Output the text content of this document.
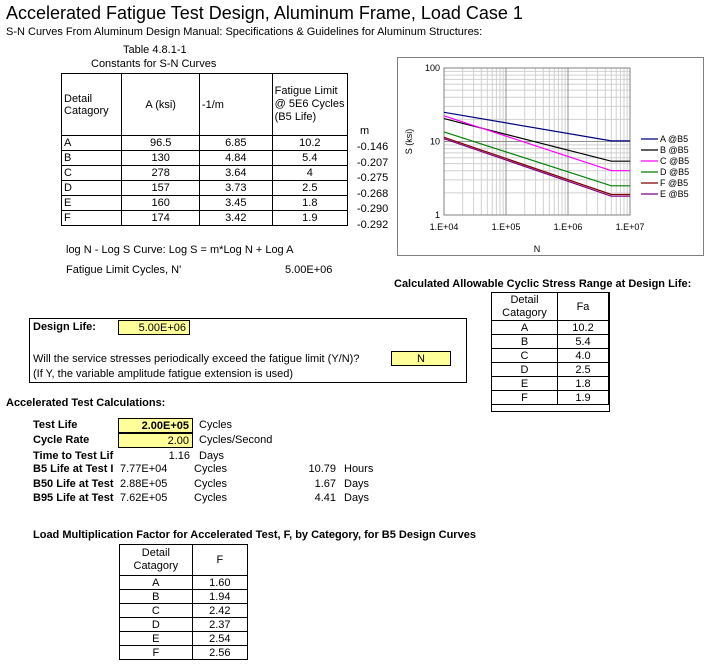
Accelerated Fatigue Test Design, Aluminum Frame, Load Case 1
S-N Curves From Aluminum Design Manual: Specifications & Guidelines for Aluminum Structures:
Table 4.8.1-1
Constants for S-N Curves
Detail Catagory	A (ksi)	-1/m	Fatigue Limit @ 5E6 Cycles (B5 Life)
A	96.5	6.85	10.2
B	130	4.84	5.4
C	278	3.64	4
D	157	3.73	2.5
E	160	3.45	1.8
F	174	3.42	1.9
m
-0.146
-0.207
-0.275
-0.268
-0.290
-0.292
log N - Log S Curve: Log S = m*Log N + Log A
Fatigue Limit Cycles, N'	5.00E+06
1.E+04	1.E+05	1.E+06	1.E+07
1
10
100
N
S (ksi)	A @B5
B @B5
C @B5
D @B5
F @B5
E @B5
Calculated Allowable Cyclic Stress Range at Design Life:
Detail Catagory	Fa
A	10.2
B	5.4
C	4.0
D	2.5
E	1.8
F	1.9
Design Life:	5.00E+06
Will the service stresses periodically exceed the fatigue limit (Y/N)?	N
(If Y, the variable amplitude fatigue extension is used)
Accelerated Test Calculations:
Test Life	2.00E+05 Cycles
Cycle Rate	2.00 Cycles/Second
Time to Test Lif	1.16 Days
B5 Life at Test I 7.77E+04 Cycles	10.79 Hours
B50 Life at Test 2.88E+05 Cycles	1.67 Days
B95 Life at Test 7.62E+05 Cycles	4.41 Days
Load Multiplication Factor for Accelerated Test, F, by Category, for B5 Design Curves
Detail Catagory	F
A	1.60
B	1.94
C	2.42
D	2.37
E	2.54
F	2.56
